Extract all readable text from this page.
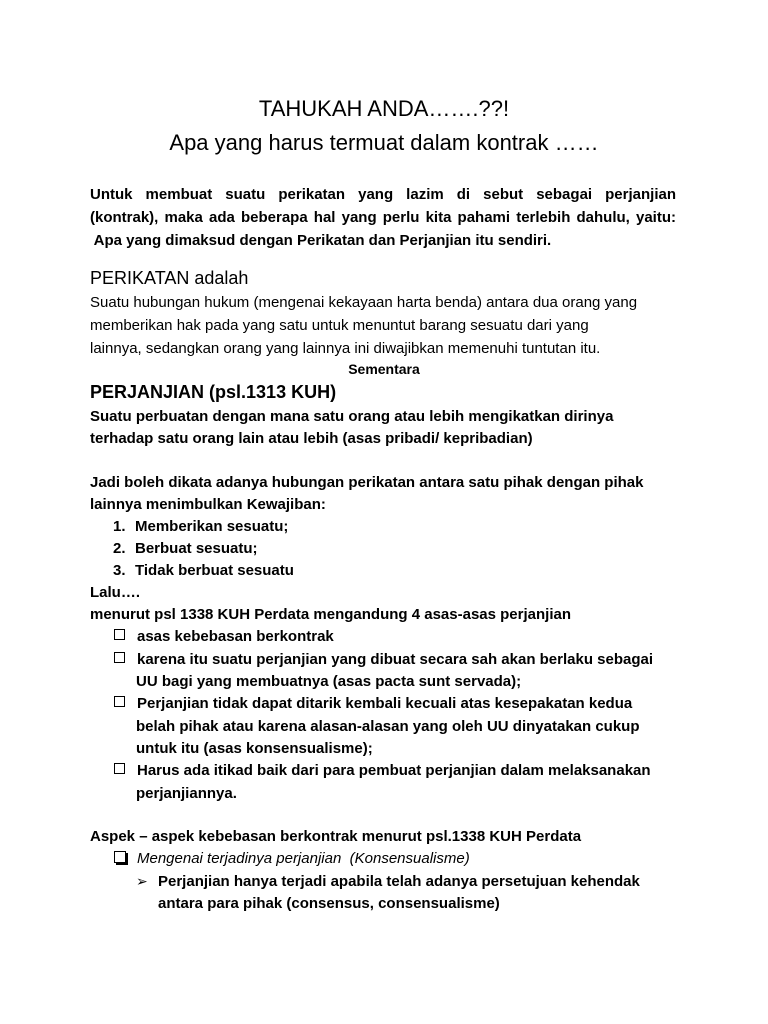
TAHUKAH ANDA…….??!
Apa yang harus termuat dalam kontrak ……
Untuk membuat suatu perikatan yang lazim di sebut sebagai perjanjian
(kontrak), maka ada beberapa hal yang perlu kita pahami terlebih dahulu, yaitu:
Apa yang dimaksud dengan Perikatan dan Perjanjian itu sendiri.
PERIKATAN adalah
Suatu hubungan hukum (mengenai kekayaan harta benda) antara dua orang yang
memberikan hak pada yang satu untuk menuntut barang sesuatu dari yang
lainnya, sedangkan orang yang lainnya ini diwajibkan memenuhi tuntutan itu.
Sementara
PERJANJIAN (psl.1313 KUH)
Suatu perbuatan dengan mana satu orang atau lebih mengikatkan dirinya
terhadap satu orang lain atau lebih (asas pribadi/ kepribadian)
Jadi boleh dikata adanya hubungan perikatan antara satu pihak dengan pihak
lainnya menimbulkan Kewajiban:
1. Memberikan sesuatu;
2. Berbuat sesuatu;
3. Tidak berbuat sesuatu
Lalu….
menurut psl 1338 KUH Perdata mengandung 4 asas-asas perjanjian
asas kebebasan berkontrak
karena itu suatu perjanjian yang dibuat secara sah akan berlaku sebagai
UU bagi yang membuatnya (asas pacta sunt servada);
Perjanjian tidak dapat ditarik kembali kecuali atas kesepakatan kedua
belah pihak atau karena alasan-alasan yang oleh UU dinyatakan cukup
untuk itu (asas konsensualisme);
Harus ada itikad baik dari para pembuat perjanjian dalam melaksanakan
perjanjiannya.
Aspek – aspek kebebasan berkontrak menurut psl.1338 KUH Perdata
Mengenai terjadinya perjanjian  (Konsensualisme)
➢ Perjanjian hanya terjadi apabila telah adanya persetujuan kehendak
antara para pihak (consensus, consensualisme)
